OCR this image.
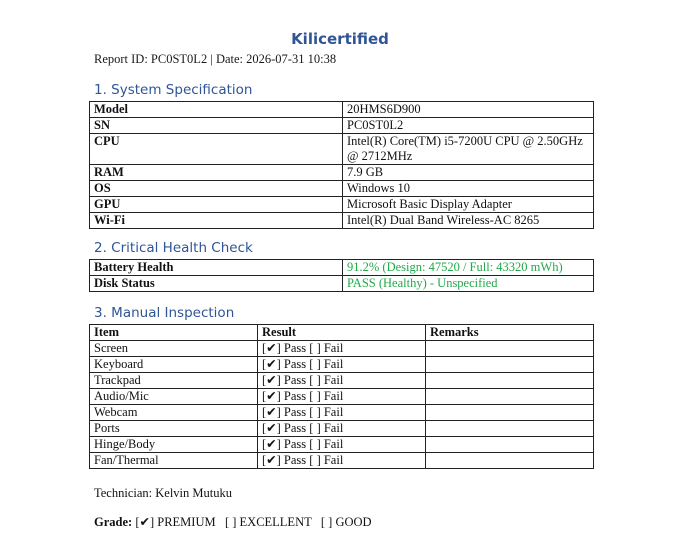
Kilicertified
Report ID: PC0ST0L2 | Date: 2026-07-31 10:38
1. System Specification
Model	20HMS6D900
SN	PC0ST0L2
CPU	Intel(R) Core(TM) i5-7200U CPU @ 2.50GHz @ 2712MHz
RAM	7.9 GB
OS	Windows 10
GPU	Microsoft Basic Display Adapter
Wi-Fi	Intel(R) Dual Band Wireless-AC 8265
2. Critical Health Check
Battery Health	91.2% (Design: 47520 / Full: 43320 mWh)
Disk Status	PASS (Healthy) - Unspecified
3. Manual Inspection
Item	Result	Remarks
Screen	[✔] Pass [ ] Fail	
Keyboard	[✔] Pass [ ] Fail	
Trackpad	[✔] Pass [ ] Fail	
Audio/Mic	[✔] Pass [ ] Fail	
Webcam	[✔] Pass [ ] Fail	
Ports	[✔] Pass [ ] Fail	
Hinge/Body	[✔] Pass [ ] Fail	
Fan/Thermal	[✔] Pass [ ] Fail	
Technician: Kelvin Mutuku
Grade: [✔] PREMIUM   [ ] EXCELLENT   [ ] GOOD
